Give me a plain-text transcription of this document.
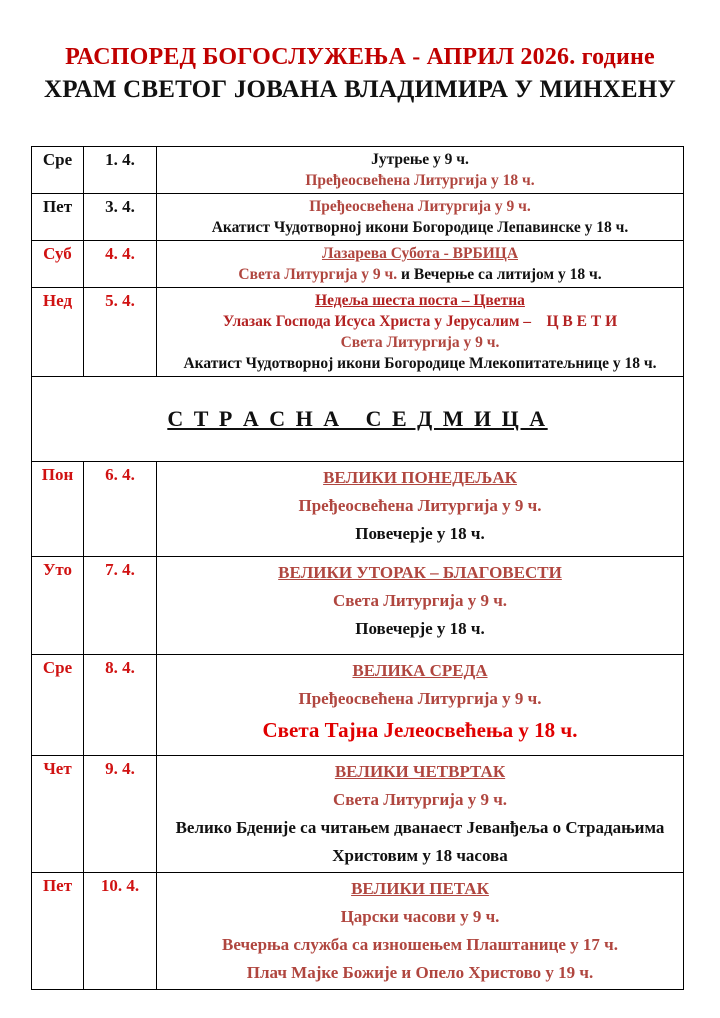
РАСПОРЕД БОГОСЛУЖЕЊА - АПРИЛ 2026. године
ХРАМ СВЕТОГ ЈОВАНА ВЛАДИМИРА У МИНХЕНУ
Сре	1. 4.	Јутрење у 9 ч.
Пређеосвећена Литургија у 18 ч.

Пет	3. 4.	Пређеосвећена Литургија у 9 ч.
Акатист Чудотворној икони Богородице Лепавинске у 18 ч.

Суб	4. 4.	Лазарева Субота - ВРБИЦА
Света Литургија у 9 ч. и Вечерње са литијом у 18 ч.

Нед	5. 4.	Недеља шеста поста – Цветна
Улазак Господа Исуса Христа у Јерусалим –    Ц В Е Т И
Света Литургија у 9 ч.
Акатист Чудотворној икони Богородице Млекопитатељнице у 18 ч.

С Т Р А С Н А   С Е Д М И Ц А		
Пон	6. 4.	ВЕЛИКИ ПОНЕДЕЉАК
Пређеосвећена Литургија у 9 ч.
Повечерје у 18 ч.

Уто	7. 4.	ВЕЛИКИ УТОРАК – БЛАГОВЕСТИ
Света Литургија у 9 ч.
Повечерје у 18 ч.

Сре	8. 4.	ВЕЛИКА СРЕДА
Пређеосвећена Литургија у 9 ч.
Света Тајна Јелеосвећења у 18 ч.

Чет	9. 4.	ВЕЛИКИ ЧЕТВРТАК
Света Литургија у 9 ч.
Велико Бденије са читањем дванаест Јеванђеља о Страдањима Христовим у 18 часова

Пет	10. 4.	ВЕЛИКИ ПЕТАК
Царски часови у 9 ч.
Вечерња служба са изношењем Плаштанице у 17 ч.
Плач Мајке Божије и Опело Христово у 19 ч.
